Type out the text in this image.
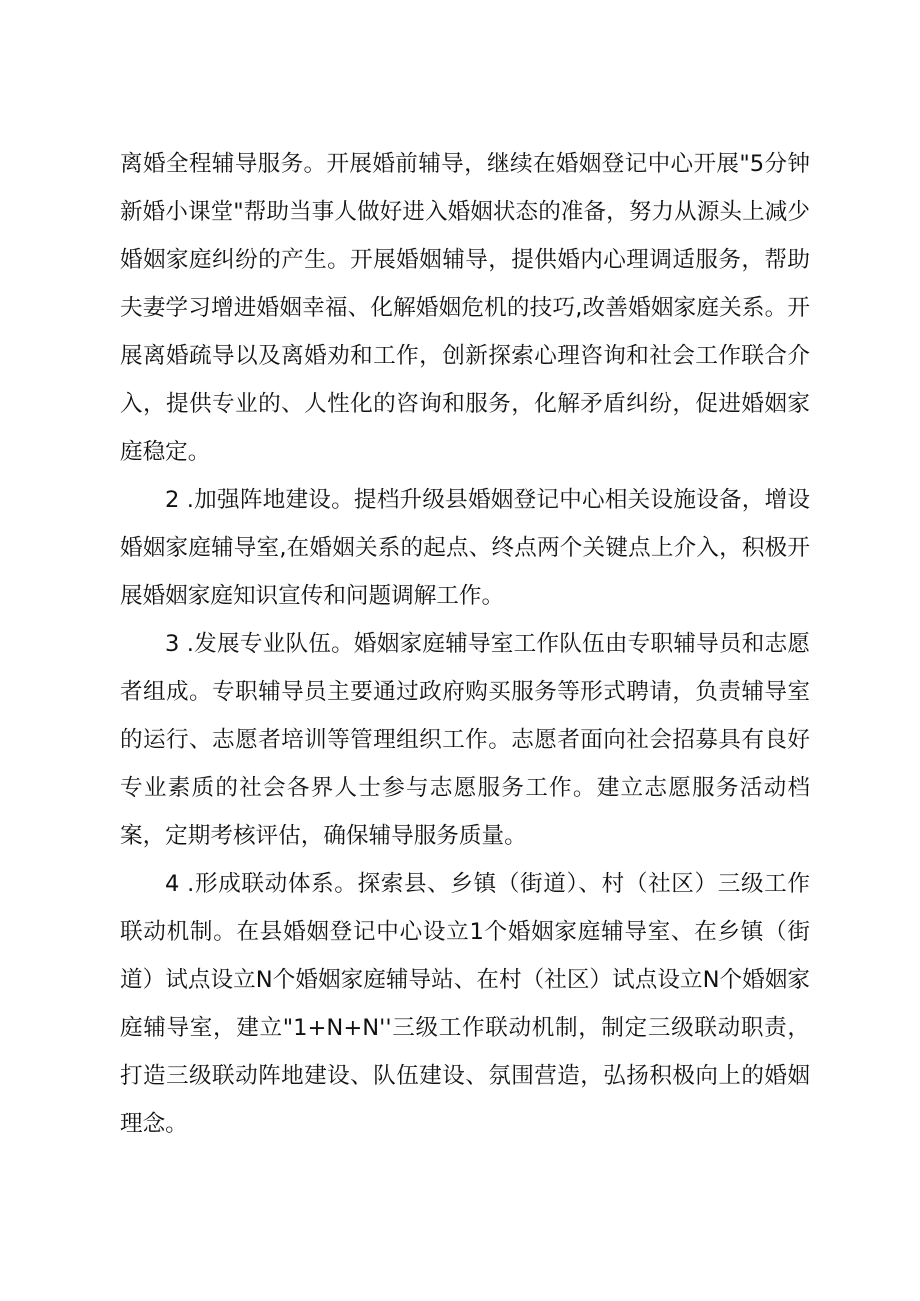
离婚全程辅导服务。开展婚前辅导，继续在婚姻登记中心开展"5分钟新婚小课堂"帮助当事人做好进入婚姻状态的准备，努力从源头上减少婚姻家庭纠纷的产生。开展婚姻辅导，提供婚内心理调适服务，帮助夫妻学习增进婚姻幸福、化解婚姻危机的技巧,改善婚姻家庭关系。开展离婚疏导以及离婚劝和工作，创新探索心理咨询和社会工作联合介入，提供专业的、人性化的咨询和服务，化解矛盾纠纷，促进婚姻家庭稳定。

2 .加强阵地建设。提档升级县婚姻登记中心相关设施设备，增设婚姻家庭辅导室,在婚姻关系的起点、终点两个关键点上介入，积极开展婚姻家庭知识宣传和问题调解工作。

3 .发展专业队伍。婚姻家庭辅导室工作队伍由专职辅导员和志愿者组成。专职辅导员主要通过政府购买服务等形式聘请，负责辅导室的运行、志愿者培训等管理组织工作。志愿者面向社会招募具有良好专业素质的社会各界人士参与志愿服务工作。建立志愿服务活动档案，定期考核评估，确保辅导服务质量。

4 .形成联动体系。探索县、乡镇（街道）、村（社区）三级工作联动机制。在县婚姻登记中心设立1个婚姻家庭辅导室、在乡镇（街道）试点设立N个婚姻家庭辅导站、在村（社区）试点设立N个婚姻家庭辅导室，建立"1+N+N''三级工作联动机制，制定三级联动职责，打造三级联动阵地建设、队伍建设、氛围营造，弘扬积极向上的婚姻理念。
